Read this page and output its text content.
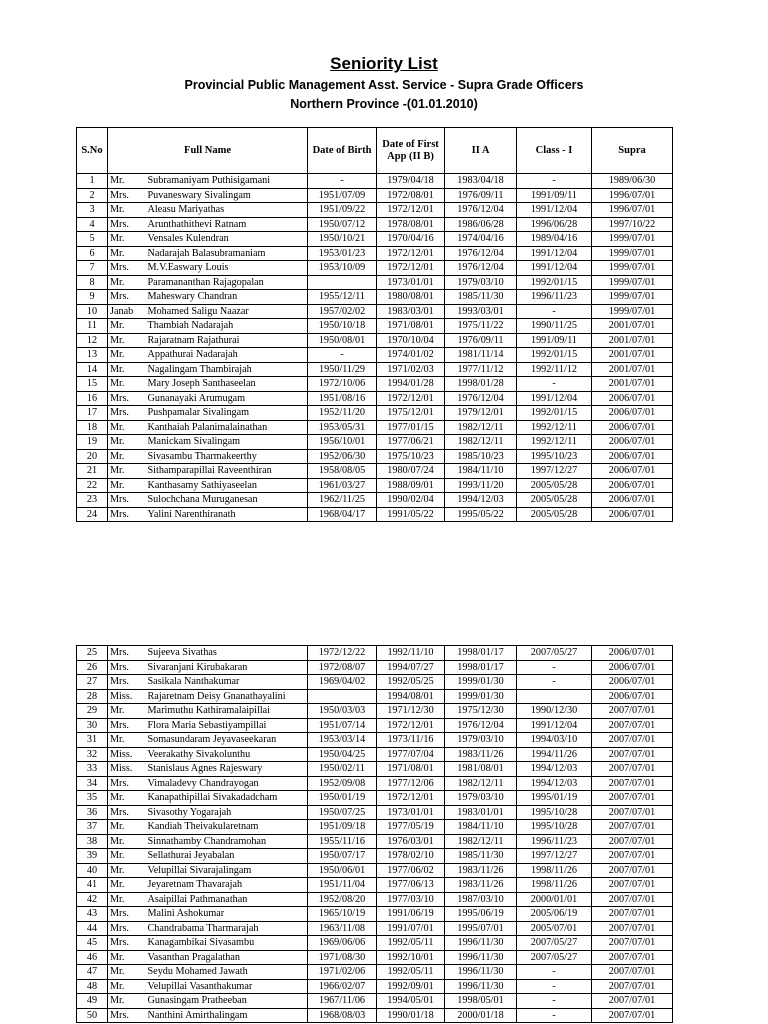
Seniority List
Provincial Public Management Asst. Service - Supra Grade Officers
Northern Province -(01.01.2010)
S.No	Full Name		Date of Birth	Date of First App (II B)	II A	Class - I	Supra
1	Mr.	Subramaniyam Puthisigamani	-	1979/04/18	1983/04/18	-	1989/06/30
2	Mrs.	Puvaneswary Sivalingam	1951/07/09	1972/08/01	1976/09/11	1991/09/11	1996/07/01
3	Mr.	Aleasu Mariyathas	1951/09/22	1972/12/01	1976/12/04	1991/12/04	1996/07/01
4	Mrs.	Arunthathithevi Ratnam	1950/07/12	1978/08/01	1986/06/28	1996/06/28	1997/10/22
5	Mr.	Vensales Kulendran	1950/10/21	1970/04/16	1974/04/16	1989/04/16	1999/07/01
6	Mr.	Nadarajah Balasubramaniam	1953/01/23	1972/12/01	1976/12/04	1991/12/04	1999/07/01
7	Mrs.	M.V.Easwary Louis	1953/10/09	1972/12/01	1976/12/04	1991/12/04	1999/07/01
8	Mr.	Paramananthan Rajagopalan		1973/01/01	1979/03/10	1992/01/15	1999/07/01
9	Mrs.	Maheswary Chandran	1955/12/11	1980/08/01	1985/11/30	1996/11/23	1999/07/01
10	Janab	Mohamed Saligu Naazar	1957/02/02	1983/03/01	1993/03/01	-	1999/07/01
11	Mr.	Thambiah Nadarajah	1950/10/18	1971/08/01	1975/11/22	1990/11/25	2001/07/01
12	Mr.	Rajaratnam Rajathurai	1950/08/01	1970/10/04	1976/09/11	1991/09/11	2001/07/01
13	Mr.	Appathurai Nadarajah	-	1974/01/02	1981/11/14	1992/01/15	2001/07/01
14	Mr.	Nagalingam Thambirajah	1950/11/29	1971/02/03	1977/11/12	1992/11/12	2001/07/01
15	Mr.	Mary Joseph Santhaseelan	1972/10/06	1994/01/28	1998/01/28	-	2001/07/01
16	Mrs.	Gunanayaki Arumugam	1951/08/16	1972/12/01	1976/12/04	1991/12/04	2006/07/01
17	Mrs.	Pushpamalar Sivalingam	1952/11/20	1975/12/01	1979/12/01	1992/01/15	2006/07/01
18	Mr.	Kanthaiah Palanimalainathan	1953/05/31	1977/01/15	1982/12/11	1992/12/11	2006/07/01
19	Mr.	Manickam Sivalingam	1956/10/01	1977/06/21	1982/12/11	1992/12/11	2006/07/01
20	Mr.	Sivasambu Tharmakeerthy	1952/06/30	1975/10/23	1985/10/23	1995/10/23	2006/07/01
21	Mr.	Sithamparapillai Raveenthiran	1958/08/05	1980/07/24	1984/11/10	1997/12/27	2006/07/01
22	Mr.	Kanthasamy Sathiyaseelan	1961/03/27	1988/09/01	1993/11/20	2005/05/28	2006/07/01
23	Mrs.	Sulochchana Muruganesan	1962/11/25	1990/02/04	1994/12/03	2005/05/28	2006/07/01
24	Mrs.	Yalini Narenthiranath	1968/04/17	1991/05/22	1995/05/22	2005/05/28	2006/07/01
25	Mrs.	Sujeeva Sivathas	1972/12/22	1992/11/10	1998/01/17	2007/05/27	2006/07/01
26	Mrs.	Sivaranjani Kirubakaran	1972/08/07	1994/07/27	1998/01/17	-	2006/07/01
27	Mrs.	Sasikala Nanthakumar	1969/04/02	1992/05/25	1999/01/30	-	2006/07/01
28	Miss.	Rajaretnam Deisy Gnanathayalini		1994/08/01	1999/01/30		2006/07/01
29	Mr.	Marimuthu Kathiramalaipillai	1950/03/03	1971/12/30	1975/12/30	1990/12/30	2007/07/01
30	Mrs.	Flora Maria Sebastiyampillai	1951/07/14	1972/12/01	1976/12/04	1991/12/04	2007/07/01
31	Mr.	Somasundaram Jeyavaseekaran	1953/03/14	1973/11/16	1979/03/10	1994/03/10	2007/07/01
32	Miss.	Veerakathy Sivakolunthu	1950/04/25	1977/07/04	1983/11/26	1994/11/26	2007/07/01
33	Miss.	Stanislaus Agnes Rajeswary	1950/02/11	1971/08/01	1981/08/01	1994/12/03	2007/07/01
34	Mrs.	Vimaladevy Chandrayogan	1952/09/08	1977/12/06	1982/12/11	1994/12/03	2007/07/01
35	Mr.	Kanapathipillai Sivakadadcham	1950/01/19	1972/12/01	1979/03/10	1995/01/19	2007/07/01
36	Mrs.	Sivasothy Yogarajah	1950/07/25	1973/01/01	1983/01/01	1995/10/28	2007/07/01
37	Mr.	Kandiah Theivakularetnam	1951/09/18	1977/05/19	1984/11/10	1995/10/28	2007/07/01
38	Mr.	Sinnathamby Chandramohan	1955/11/16	1976/03/01	1982/12/11	1996/11/23	2007/07/01
39	Mr.	Sellathurai Jeyabalan	1950/07/17	1978/02/10	1985/11/30	1997/12/27	2007/07/01
40	Mr.	Velupillai Sivarajalingam	1950/06/01	1977/06/02	1983/11/26	1998/11/26	2007/07/01
41	Mr.	Jeyaretnam Thavarajah	1951/11/04	1977/06/13	1983/11/26	1998/11/26	2007/07/01
42	Mr.	Asaipillai Pathmanathan	1952/08/20	1977/03/10	1987/03/10	2000/01/01	2007/07/01
43	Mrs.	Malini Ashokumar	1965/10/19	1991/06/19	1995/06/19	2005/06/19	2007/07/01
44	Mrs.	Chandrabama Tharmarajah	1963/11/08	1991/07/01	1995/07/01	2005/07/01	2007/07/01
45	Mrs.	Kanagambikai Sivasambu	1969/06/06	1992/05/11	1996/11/30	2007/05/27	2007/07/01
46	Mr.	Vasanthan Pragalathan	1971/08/30	1992/10/01	1996/11/30	2007/05/27	2007/07/01
47	Mr.	Seydu Mohamed Jawath	1971/02/06	1992/05/11	1996/11/30	-	2007/07/01
48	Mr.	Velupillai Vasanthakumar	1966/02/07	1992/09/01	1996/11/30	-	2007/07/01
49	Mr.	Gunasingam Pratheeban	1967/11/06	1994/05/01	1998/05/01	-	2007/07/01
50	Mrs.	Nanthini Amirthalingam	1968/08/03	1990/01/18	2000/01/18	-	2007/07/01
